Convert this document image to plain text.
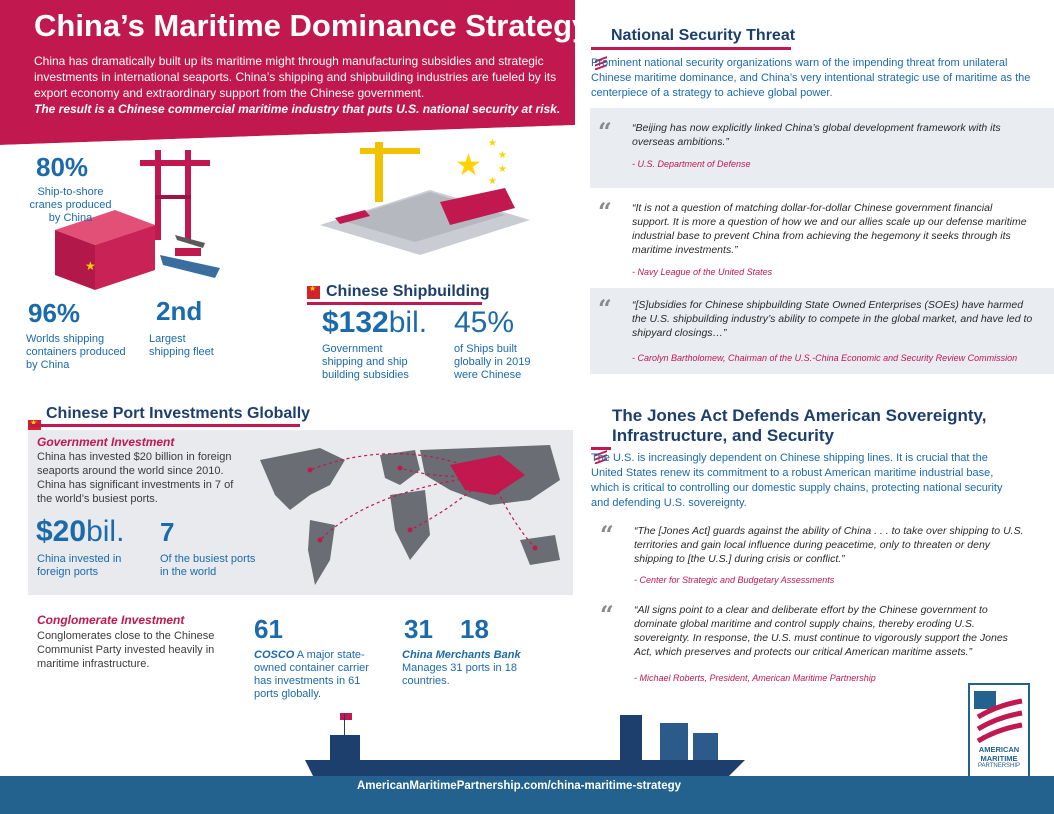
China’s Maritime Dominance Strategy
China has dramatically built up its maritime might through manufacturing subsidies and strategic investments in international seaports. China’s shipping and shipbuilding industries are fueled by its export economy and extraordinary support from the Chinese government.
The result is a Chinese commercial maritime industry that puts U.S. national security at risk.
★
★
★
★
★
★
80%
Ship-to-shore cranes produced by China
96%
Worlds shipping containers produced by China
2nd
Largest shipping fleet
★
Chinese Shipbuilding
$132bil.
Government shipping and ship building subsidies
45%
of Ships built globally in 2019 were Chinese
★
Chinese Port Investments Globally
Government Investment
China has invested $20 billion in foreign seaports around the world since 2010. China has significant investments in 7 of the world’s busiest ports.
$20bil.
China invested in foreign ports
7
Of the busiest ports in the world
Conglomerate Investment
Conglomerates close to the Chinese Communist Party invested heavily in maritime infrastructure.
61
COSCO A major state-owned container carrier has investments in 61 ports globally.
31 18
China Merchants Bank Manages 31 ports in 18 countries.
National Security Threat
Prominent national security organizations warn of the impending threat from unilateral Chinese maritime dominance, and China’s very intentional strategic use of maritime as the centerpiece of a strategy to achieve global power.
“ “Beijing has now explicitly linked China’s global development framework with its overseas ambitions.”
- U.S. Department of Defense
“ “It is not a question of matching dollar-for-dollar Chinese government financial support. It is more a question of how we and our allies scale up our defense maritime industrial base to prevent China from achieving the hegemony it seeks through its maritime investments.”
- Navy League of the United States
“ “[S]ubsidies for Chinese shipbuilding State Owned Enterprises (SOEs) have harmed the U.S. shipbuilding industry’s ability to compete in the global market, and have led to shipyard closings…”
- Carolyn Bartholomew, Chairman of the U.S.-China Economic and Security Review Commission
The Jones Act Defends American Sovereignty,
Infrastructure, and Security
The U.S. is increasingly dependent on Chinese shipping lines. It is crucial that the United States renew its commitment to a robust American maritime industrial base, which is critical to controlling our domestic supply chains, protecting national security and defending U.S. sovereignty.
“ “The [Jones Act] guards against the ability of China . . . to take over shipping to U.S. territories and gain local influence during peacetime, only to threaten or deny shipping to [the U.S.] during crisis or conflict.”
- Center for Strategic and Budgetary Assessments
“ “All signs point to a clear and deliberate effort by the Chinese government to dominate global maritime and control supply chains, thereby eroding U.S. sovereignty. In response, the U.S. must continue to vigorously support the Jones Act, which preserves and protects our critical American maritime assets.”
- Michael Roberts, President, American Maritime Partnership
AMERICAN
MARITIME
PARTNERSHIP
AmericanMaritimePartnership.com/china-maritime-strategy
